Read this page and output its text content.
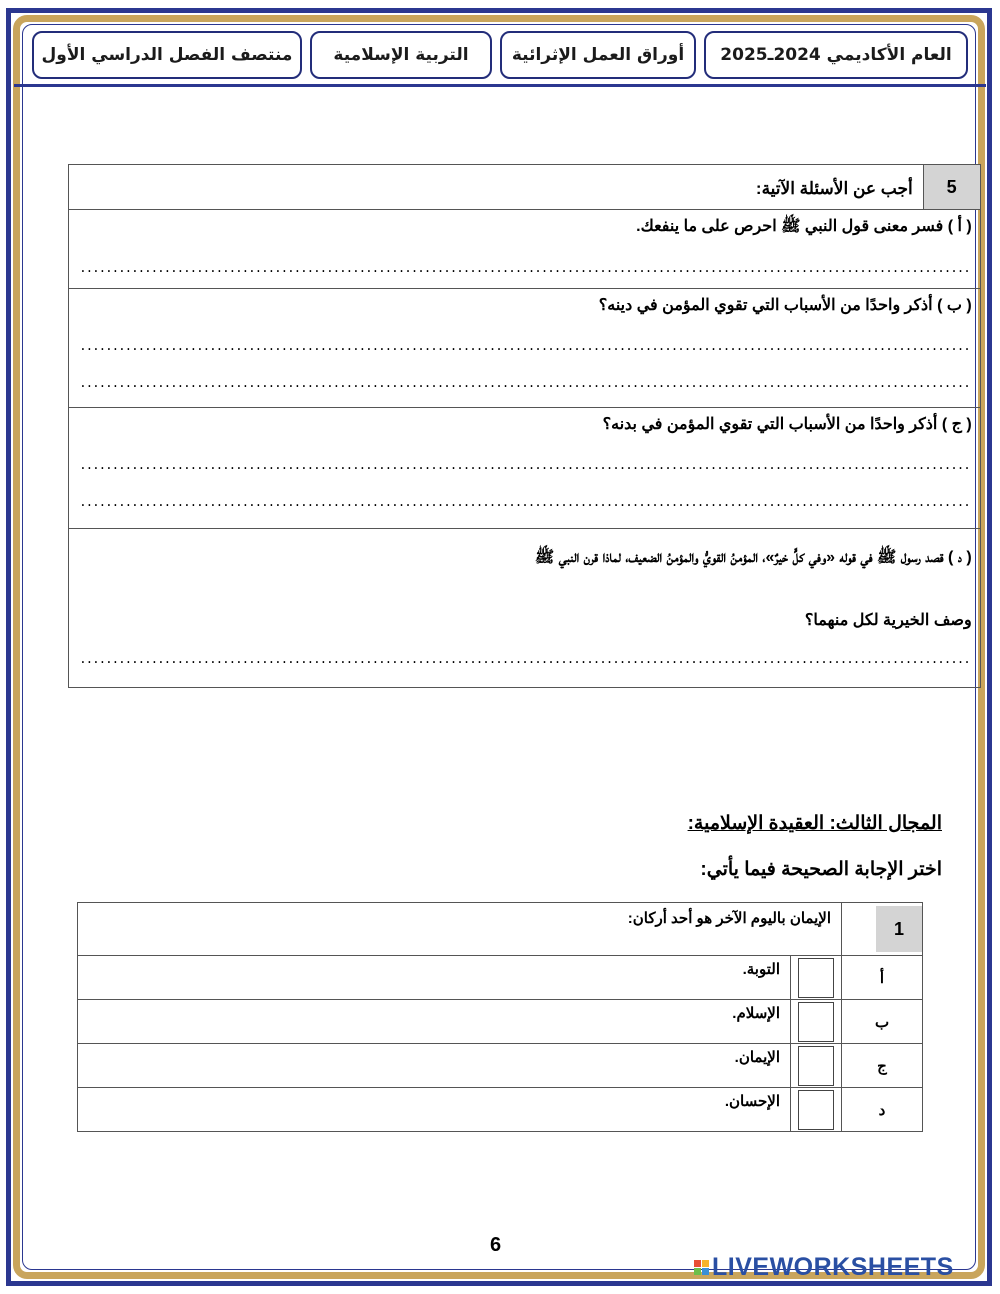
العام الأكاديمي 2024ـ2025
أوراق العمل الإثرائية
التربية الإسلامية
منتصف الفصل الدراسي الأول
5	أجب عن الأسئلة الآتية:

( أ ) فسر معنى قول النبي ﷺ احرص على ما ينفعك.
.........................................................................................................................................

( ب ) أذكر واحدًا من الأسباب التي تقوي المؤمن في دينه؟
.........................................................................................................................................
.........................................................................................................................................

( ج ) أذكر واحدًا من الأسباب التي تقوي المؤمن في بدنه؟
.........................................................................................................................................
.........................................................................................................................................

( د ) قصد رسول ﷺ في قوله «وفي كلٍّ خيرٌ»، المؤمنُ القويُّ والمؤمنُ الضعيف، لماذا قرن النبي ﷺ
وصف الخيرية لكل منهما؟
.........................................................................................................................................
المجال الثالث: العقيدة الإسلامية:
اختر الإجابة الصحيحة فيما يأتي:
1	الإيمان باليوم الآخر هو أحد أركان:	
أ		التوبة.
ب		الإسلام.
ج		الإيمان.
د		الإحسان.
6
LIVEWORKSHEETS
